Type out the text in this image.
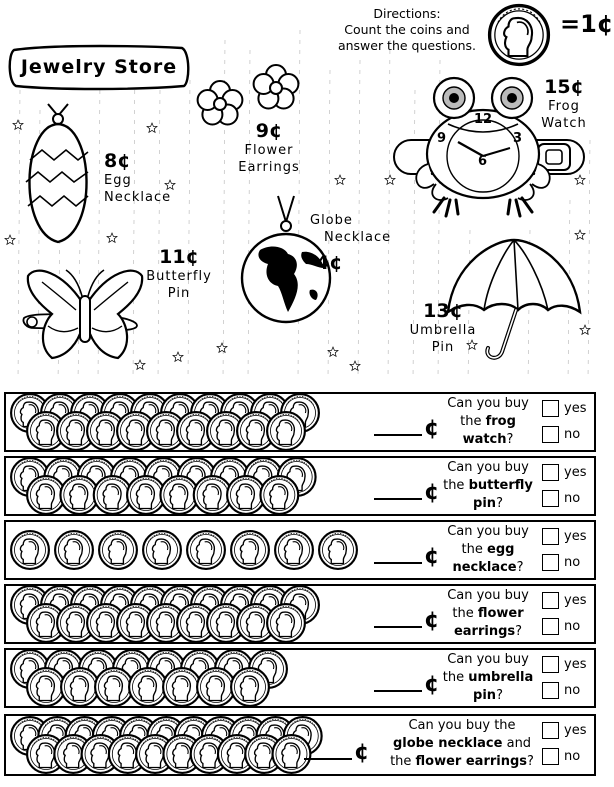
Jewelry Store
Directions:
Count the coins and
answer the questions.
=1¢
12
3
6
9
15¢
Frog
Watch
9¢
Flower
Earrings
8¢
Egg
Necklace
Globe
Necklace
4¢
11¢
Butterfly
Pin
13¢
Umbrella
Pin
¢
Can you buy
the frog
watch?
yes
no
¢
Can you buy
the butterfly
pin?
yes
no
¢
Can you buy
the egg
necklace?
yes
no
¢
Can you buy
the flower
earrings?
yes
no
¢
Can you buy
the umbrella
pin?
yes
no
¢
Can you buy the
globe necklace and
the flower earrings?
yes
no
